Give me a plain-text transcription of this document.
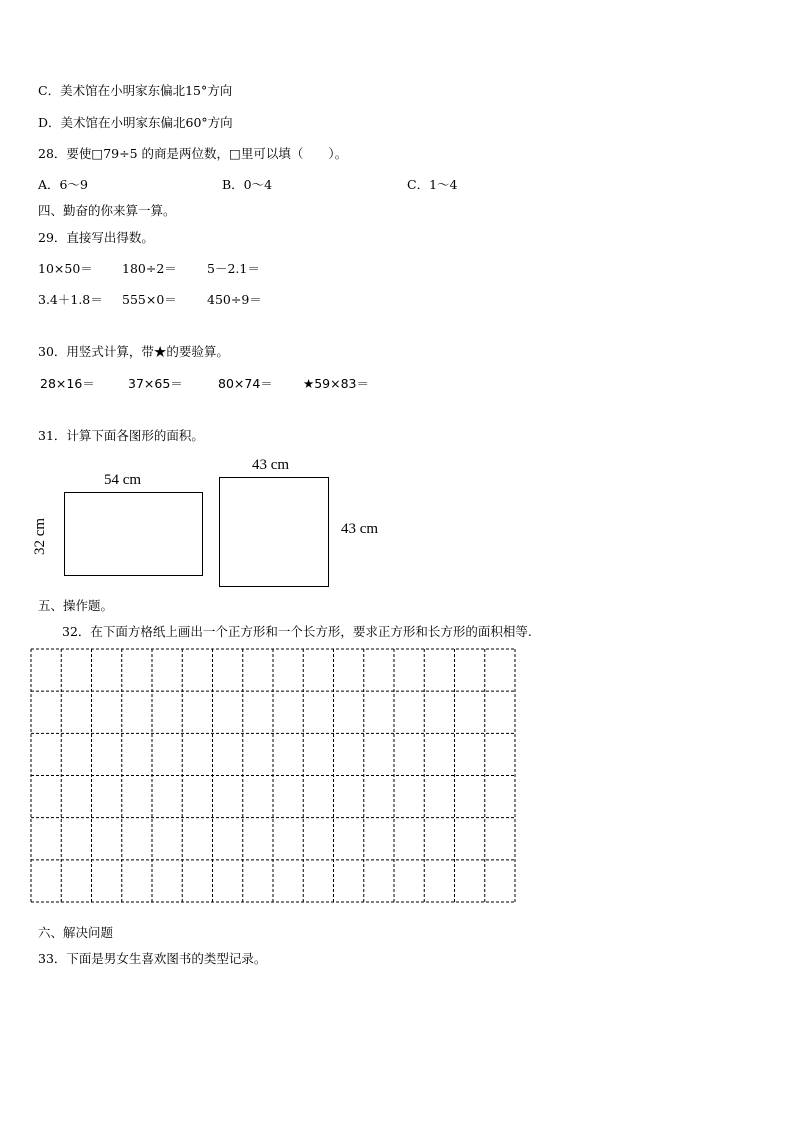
C．美术馆在小明家东偏北15°方向
D．美术馆在小明家东偏北60°方向
28．要使□79÷5 的商是两位数，□里可以填（　　）。
A．6～9	B．0～4	C．1～4
四、勤奋的你来算一算。
29．直接写出得数。
10×50＝ 180÷2＝ 5－2.1＝
3.4＋1.8＝ 555×0＝ 450÷9＝
30．用竖式计算，带★的要验算。
28×16＝	37×65＝	80×74＝ ★59×83＝
31．计算下面各图形的面积。
54 cm
32 cm
43 cm
43 cm
五、操作题。
32．在下面方格纸上画出一个正方形和一个长方形，要求正方形和长方形的面积相等.
六、解决问题
33．下面是男女生喜欢图书的类型记录。
